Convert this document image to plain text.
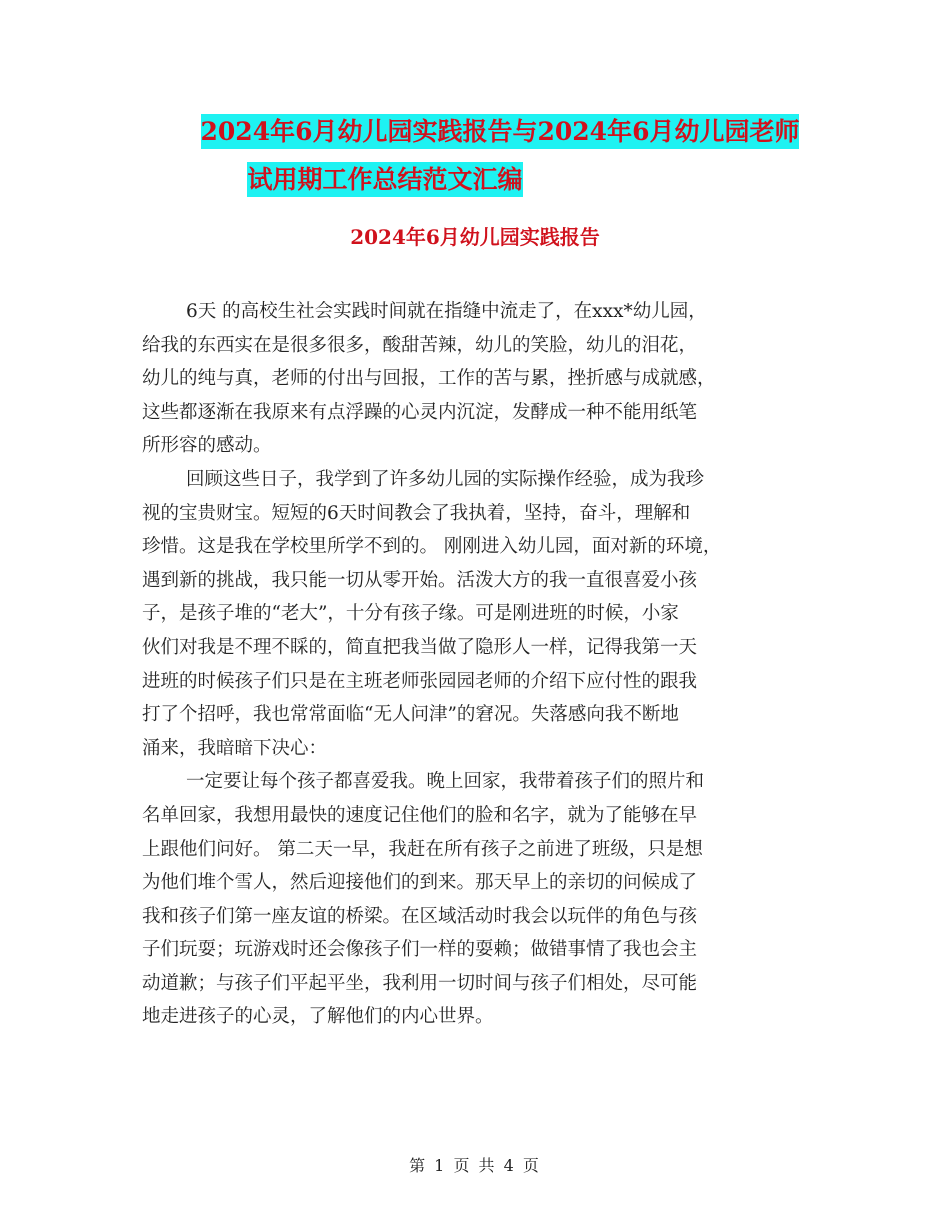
2024年6月幼儿园实践报告与2024年6月幼儿园老师
试用期工作总结范文汇编
2024年6月幼儿园实践报告
6天 的高校生社会实践时间就在指缝中流走了，在xxx*幼儿园，
给我的东西实在是很多很多，酸甜苦辣，幼儿的笑脸，幼儿的泪花，
幼儿的纯与真，老师的付出与回报，工作的苦与累，挫折感与成就感，
这些都逐渐在我原来有点浮躁的心灵内沉淀，发酵成一种不能用纸笔
所形容的感动。
回顾这些日子，我学到了许多幼儿园的实际操作经验，成为我珍
视的宝贵财宝。短短的6天时间教会了我执着，坚持，奋斗，理解和
珍惜。这是我在学校里所学不到的。 刚刚进入幼儿园，面对新的环境，
遇到新的挑战，我只能一切从零开始。活泼大方的我一直很喜爱小孩
子，是孩子堆的“老大”，十分有孩子缘。可是刚进班的时候，小家
伙们对我是不理不睬的，简直把我当做了隐形人一样，记得我第一天
进班的时候孩子们只是在主班老师张园园老师的介绍下应付性的跟我
打了个招呼，我也常常面临“无人问津”的窘况。失落感向我不断地
涌来，我暗暗下决心：
一定要让每个孩子都喜爱我。晚上回家，我带着孩子们的照片和
名单回家，我想用最快的速度记住他们的脸和名字，就为了能够在早
上跟他们问好。 第二天一早，我赶在所有孩子之前进了班级，只是想
为他们堆个雪人，然后迎接他们的到来。那天早上的亲切的问候成了
我和孩子们第一座友谊的桥梁。在区域活动时我会以玩伴的角色与孩
子们玩耍；玩游戏时还会像孩子们一样的耍赖；做错事情了我也会主
动道歉；与孩子们平起平坐，我利用一切时间与孩子们相处，尽可能
地走进孩子的心灵，了解他们的内心世界。
第 1 页 共 4 页
